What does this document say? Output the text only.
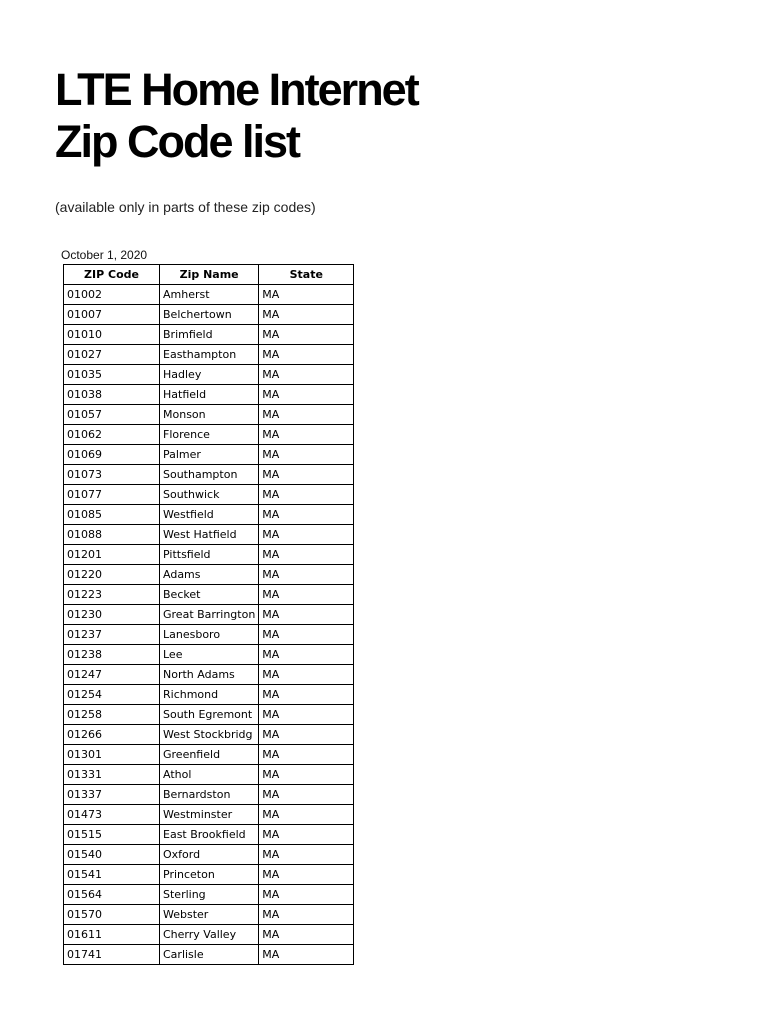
LTE Home Internet
Zip Code list

(available only in parts of these zip codes)

October 1, 2020

ZIP Code	Zip Name	State
01002	Amherst	MA
01007	Belchertown	MA
01010	Brimfield	MA
01027	Easthampton	MA
01035	Hadley	MA
01038	Hatfield	MA
01057	Monson	MA
01062	Florence	MA
01069	Palmer	MA
01073	Southampton	MA
01077	Southwick	MA
01085	Westfield	MA
01088	West Hatfield	MA
01201	Pittsfield	MA
01220	Adams	MA
01223	Becket	MA
01230	Great Barrington	MA
01237	Lanesboro	MA
01238	Lee	MA
01247	North Adams	MA
01254	Richmond	MA
01258	South Egremont	MA
01266	West Stockbridg	MA
01301	Greenfield	MA
01331	Athol	MA
01337	Bernardston	MA
01473	Westminster	MA
01515	East Brookfield	MA
01540	Oxford	MA
01541	Princeton	MA
01564	Sterling	MA
01570	Webster	MA
01611	Cherry Valley	MA
01741	Carlisle	MA
